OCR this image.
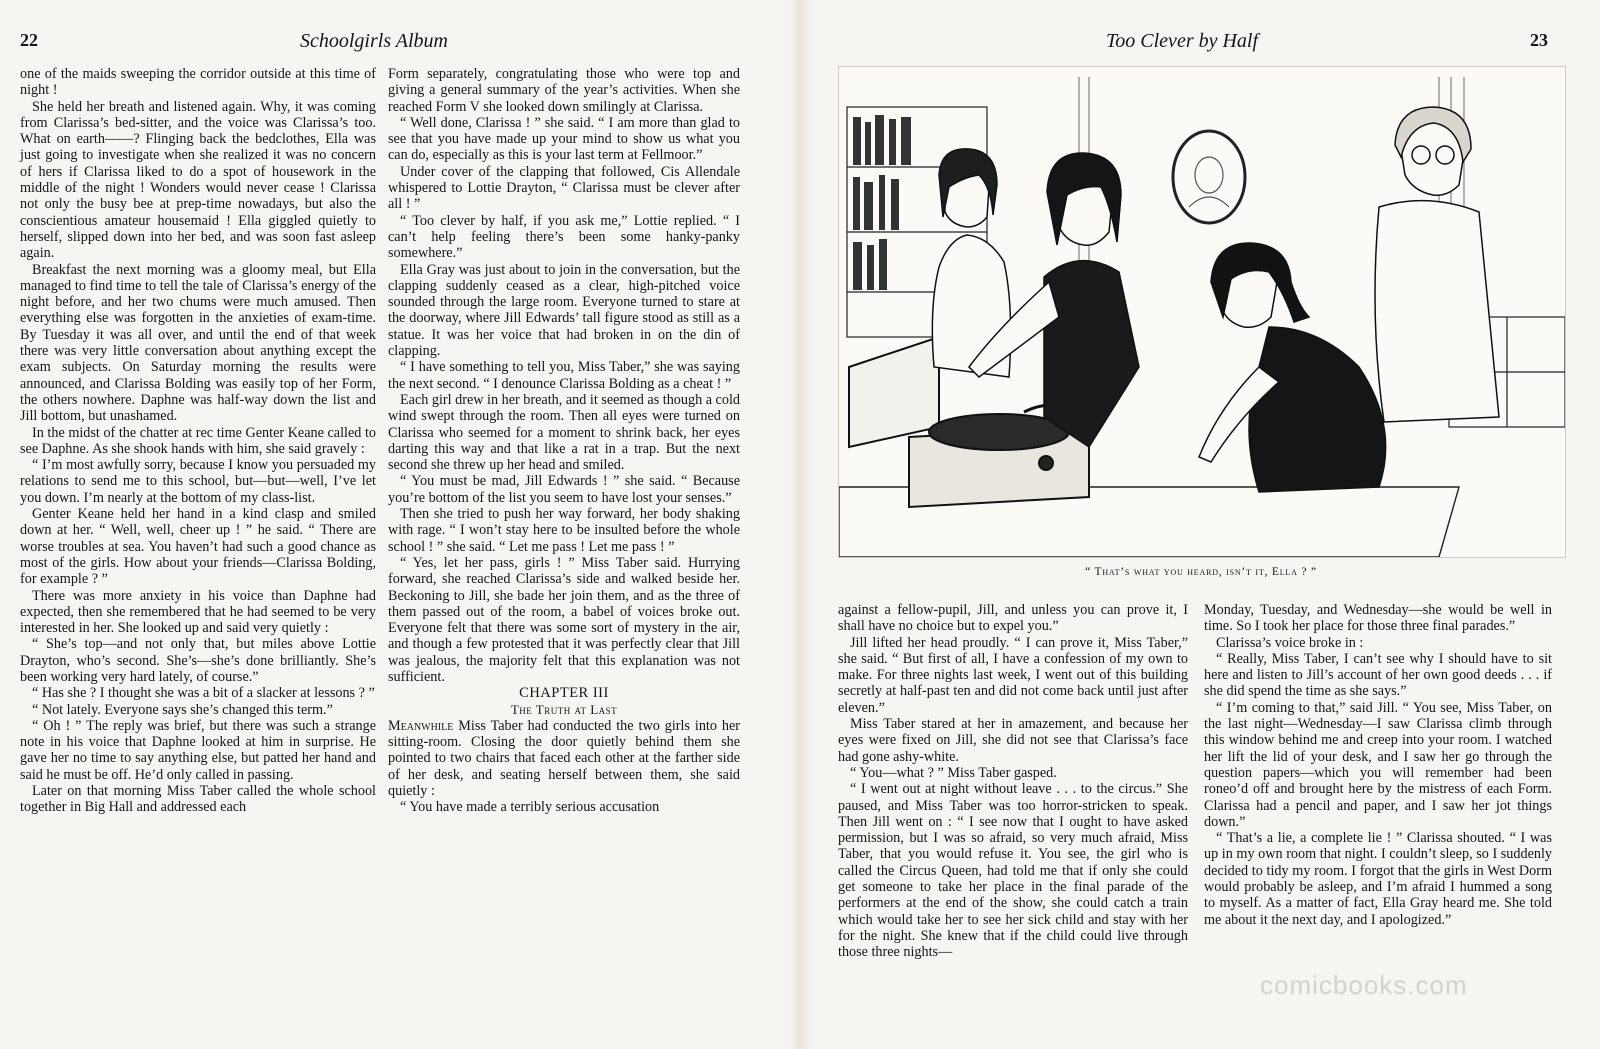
22	Schoolgirls Album	Too Clever by Half	23

one of the maids sweeping the corridor outside at this time of night !

She held her breath and listened again. Why, it was coming from Clarissa’s bed-sitter, and the voice was Clarissa’s too. What on earth——? Flinging back the bedclothes, Ella was just going to investigate when she realized it was no concern of hers if Clarissa liked to do a spot of housework in the middle of the night ! Wonders would never cease ! Clarissa not only the busy bee at prep-time nowadays, but also the conscientious amateur housemaid ! Ella giggled quietly to herself, slipped down into her bed, and was soon fast asleep again.

Breakfast the next morning was a gloomy meal, but Ella managed to find time to tell the tale of Clarissa’s energy of the night before, and her two chums were much amused. Then everything else was forgotten in the anxieties of exam-time. By Tuesday it was all over, and until the end of that week there was very little conversation about anything except the exam subjects. On Saturday morning the results were announced, and Clarissa Bolding was easily top of her Form, the others nowhere. Daphne was half-way down the list and Jill bottom, but unashamed.

In the midst of the chatter at rec time Genter Keane called to see Daphne. As she shook hands with him, she said gravely :

“ I’m most awfully sorry, because I know you persuaded my relations to send me to this school, but—but—well, I’ve let you down. I’m nearly at the bottom of my class-list.

Genter Keane held her hand in a kind clasp and smiled down at her. “ Well, well, cheer up ! ” he said. “ There are worse troubles at sea. You haven’t had such a good chance as most of the girls. How about your friends—Clarissa Bolding, for example ? ”

There was more anxiety in his voice than Daphne had expected, then she remembered that he had seemed to be very interested in her. She looked up and said very quietly :

“ She’s top—and not only that, but miles above Lottie Drayton, who’s second. She’s—she’s done brilliantly. She’s been working very hard lately, of course.”

“ Has she ? I thought she was a bit of a slacker at lessons ? ”

“ Not lately. Everyone says she’s changed this term.”

“ Oh ! ” The reply was brief, but there was such a strange note in his voice that Daphne looked at him in surprise. He gave her no time to say anything else, but patted her hand and said he must be off. He’d only called in passing.

Later on that morning Miss Taber called the whole school together in Big Hall and addressed each

Form separately, congratulating those who were top and giving a general summary of the year’s activities. When she reached Form V she looked down smilingly at Clarissa.

“ Well done, Clarissa ! ” she said. “ I am more than glad to see that you have made up your mind to show us what you can do, especially as this is your last term at Fellmoor.”

Under cover of the clapping that followed, Cis Allendale whispered to Lottie Drayton, “ Clarissa must be clever after all ! ”

“ Too clever by half, if you ask me,” Lottie replied. “ I can’t help feeling there’s been some hanky-panky somewhere.”

Ella Gray was just about to join in the conversation, but the clapping suddenly ceased as a clear, high-pitched voice sounded through the large room. Everyone turned to stare at the doorway, where Jill Edwards’ tall figure stood as still as a statue. It was her voice that had broken in on the din of clapping.

“ I have something to tell you, Miss Taber,” she was saying the next second. “ I denounce Clarissa Bolding as a cheat ! ”

Each girl drew in her breath, and it seemed as though a cold wind swept through the room. Then all eyes were turned on Clarissa who seemed for a moment to shrink back, her eyes darting this way and that like a rat in a trap. But the next second she threw up her head and smiled.

“ You must be mad, Jill Edwards ! ” she said. “ Because you’re bottom of the list you seem to have lost your senses.”

Then she tried to push her way forward, her body shaking with rage. “ I won’t stay here to be insulted before the whole school ! ” she said. “ Let me pass ! Let me pass ! ”

“ Yes, let her pass, girls ! ” Miss Taber said. Hurrying forward, she reached Clarissa’s side and walked beside her. Beckoning to Jill, she bade her join them, and as the three of them passed out of the room, a babel of voices broke out. Everyone felt that there was some sort of mystery in the air, and though a few protested that it was perfectly clear that Jill was jealous, the majority felt that this explanation was not sufficient.

CHAPTER III

The Truth at Last

Meanwhile Miss Taber had conducted the two girls into her sitting-room. Closing the door quietly behind them she pointed to two chairs that faced each other at the farther side of her desk, and seating herself between them, she said quietly :

“ You have made a terribly serious accusation

“ That’s what you heard, isn’t it, Ella ? ”

against a fellow-pupil, Jill, and unless you can prove it, I shall have no choice but to expel you.”

Jill lifted her head proudly. “ I can prove it, Miss Taber,” she said. “ But first of all, I have a confession of my own to make. For three nights last week, I went out of this building secretly at half-past ten and did not come back until just after eleven.”

Miss Taber stared at her in amazement, and because her eyes were fixed on Jill, she did not see that Clarissa’s face had gone ashy-white.

“ You—what ? ” Miss Taber gasped.

“ I went out at night without leave . . . to the circus.” She paused, and Miss Taber was too horror-stricken to speak. Then Jill went on : “ I see now that I ought to have asked permission, but I was so afraid, so very much afraid, Miss Taber, that you would refuse it. You see, the girl who is called the Circus Queen, had told me that if only she could get someone to take her place in the final parade of the performers at the end of the show, she could catch a train which would take her to see her sick child and stay with her for the night. She knew that if the child could live through those three nights—

Monday, Tuesday, and Wednesday—she would be well in time. So I took her place for those three final parades.”

Clarissa’s voice broke in :

“ Really, Miss Taber, I can’t see why I should have to sit here and listen to Jill’s account of her own good deeds . . . if she did spend the time as she says.”

“ I’m coming to that,” said Jill. “ You see, Miss Taber, on the last night—Wednesday—I saw Clarissa climb through this window behind me and creep into your room. I watched her lift the lid of your desk, and I saw her go through the question papers—which you will remember had been roneo’d off and brought here by the mistress of each Form. Clarissa had a pencil and paper, and I saw her jot things down.”

“ That’s a lie, a complete lie ! ” Clarissa shouted. “ I was up in my own room that night. I couldn’t sleep, so I suddenly decided to tidy my room. I forgot that the girls in West Dorm would probably be asleep, and I’m afraid I hummed a song to myself. As a matter of fact, Ella Gray heard me. She told me about it the next day, and I apologized.”

comicbooks.com
